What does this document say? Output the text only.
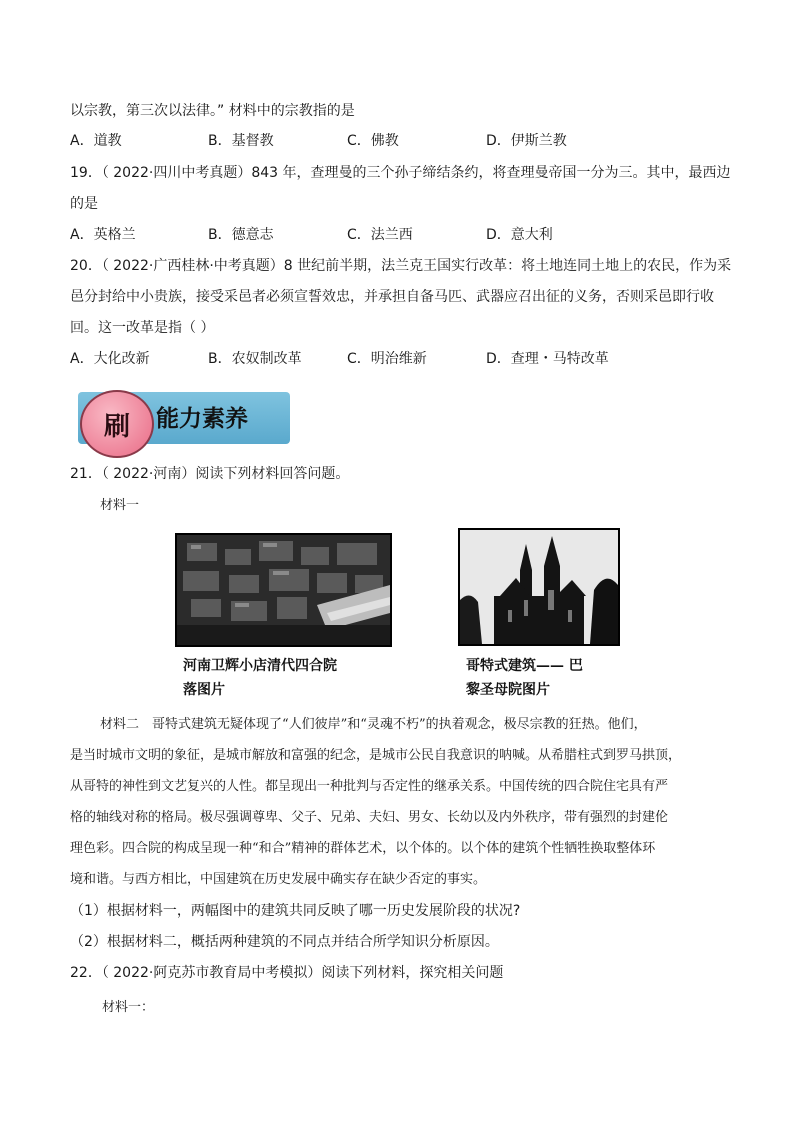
以宗教，第三次以法律。” 材料中的宗教指的是
A．道教	B．基督教	C．佛教	D．伊斯兰教
19．（ 2022·四川中考真题）843 年，查理曼的三个孙子缔结条约，将查理曼帝国一分为三。其中，最西边
的是
A．英格兰	B．德意志	C．法兰西	D．意大利
20．（ 2022·广西桂林·中考真题）8 世纪前半期，法兰克王国实行改革：将土地连同土地上的农民，作为采
邑分封给中小贵族，接受采邑者必须宣誓效忠，并承担自备马匹、武器应召出征的义务，否则采邑即行收
回。这一改革是指（ ）
A．大化改新	B．农奴制改革	C．明治维新	D．查理・马特改革
刷	能力素养
21．（ 2022·河南）阅读下列材料回答问题。
材料一
河南卫辉小店清代四合院
落图片
哥特式建筑—— 巴
黎圣母院图片
材料二　哥特式建筑无疑体现了“人们彼岸”和“灵魂不朽”的执着观念，极尽宗教的狂热。他们，
是当时城市文明的象征，是城市解放和富强的纪念，是城市公民自我意识的呐喊。从希腊柱式到罗马拱顶，
从哥特的神性到文艺复兴的人性。都呈现出一种批判与否定性的继承关系。中国传统的四合院住宅具有严
格的轴线对称的格局。极尽强调尊卑、父子、兄弟、夫妇、男女、长幼以及内外秩序，带有强烈的封建伦
理色彩。四合院的构成呈现一种“和合”精神的群体艺术，以个体的。以个体的建筑个性牺牲换取整体环
境和谐。与西方相比，中国建筑在历史发展中确实存在缺少否定的事实。
（1）根据材料一，两幅图中的建筑共同反映了哪一历史发展阶段的状况?
（2）根据材料二，概括两种建筑的不同点并结合所学知识分析原因。
22．（ 2022·阿克苏市教育局中考模拟）阅读下列材料，探究相关问题
材料一：
